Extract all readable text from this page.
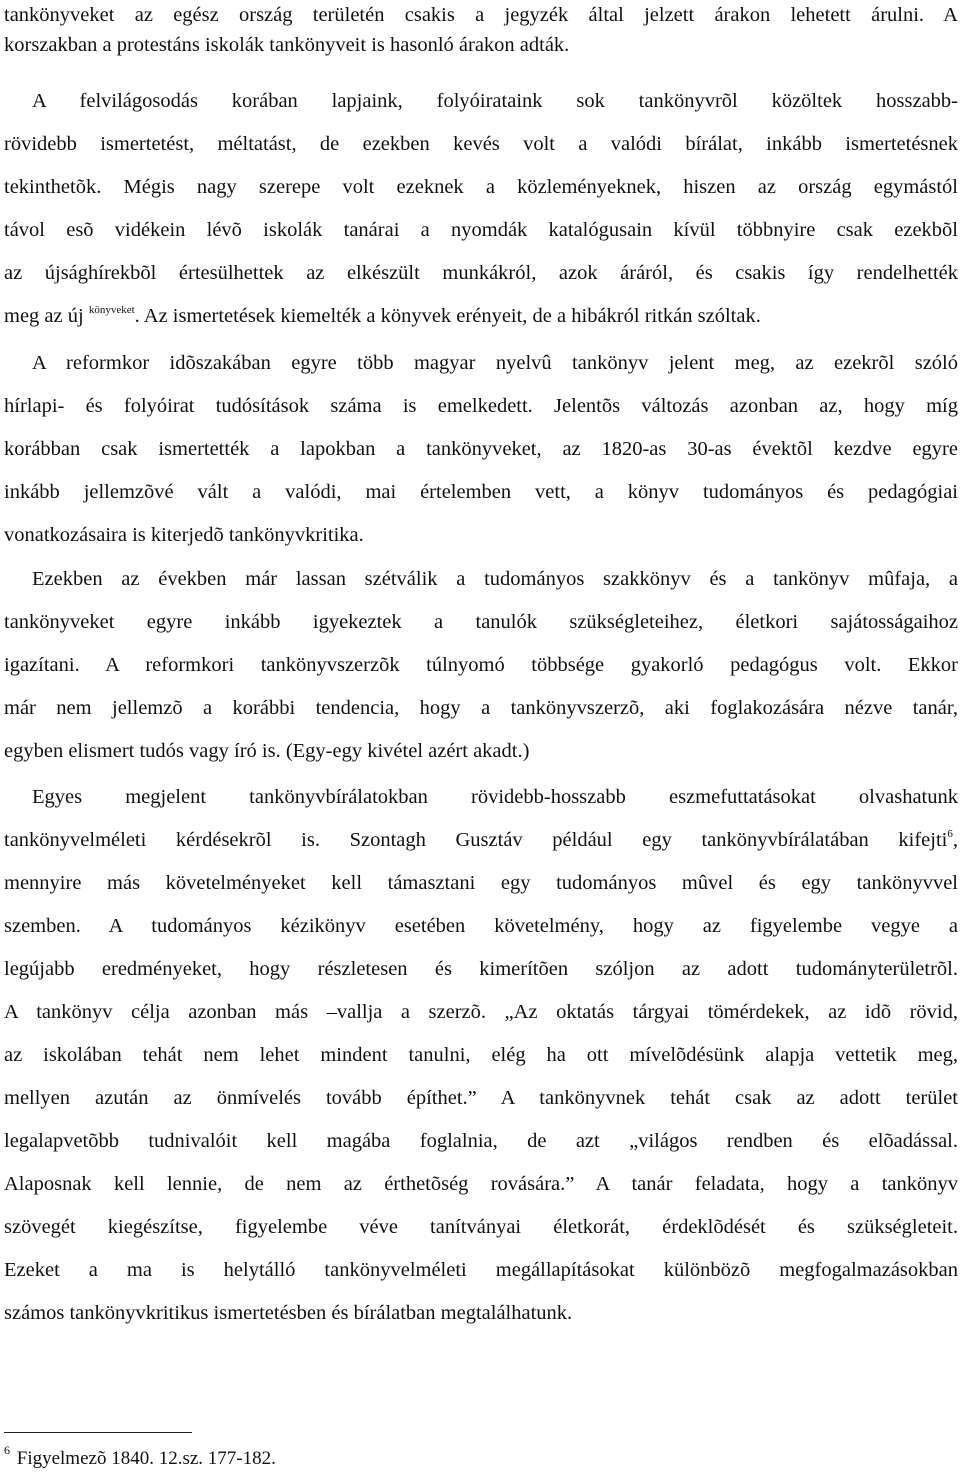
tankönyveket az egész ország területén csakis a jegyzék által jelzett árakon lehetett árulni. A
korszakban a protestáns iskolák tankönyveit is hasonló árakon adták.
A felvilágosodás korában lapjaink, folyóirataink sok tankönyvrõl közöltek hosszabb-
rövidebb ismertetést, méltatást, de ezekben kevés volt a valódi bírálat, inkább ismertetésnek
tekinthetõk. Mégis nagy szerepe volt ezeknek a közleményeknek, hiszen az ország egymástól
távol esõ vidékein lévõ iskolák tanárai a nyomdák katalógusain kívül többnyire csak ezekbõl
az újsághírekbõl értesülhettek az elkészült munkákról, azok áráról, és csakis így rendelhették
meg az új $^{könyveket}$. Az ismertetések kiemelték a könyvek erényeit, de a hibákról ritkán szóltak.
A reformkor idõszakában egyre több magyar nyelvû tankönyv jelent meg, az ezekrõl szóló
hírlapi- és folyóirat tudósítások száma is emelkedett. Jelentõs változás azonban az, hogy míg
korábban csak ismertették a lapokban a tankönyveket, az 1820-as 30-as évektõl kezdve egyre
inkább jellemzõvé vált a valódi, mai értelemben vett, a könyv tudományos és pedagógiai
vonatkozásaira is kiterjedõ tankönyvkritika.
Ezekben az években már lassan szétválik a tudományos szakkönyv és a tankönyv mûfaja, a
tankönyveket egyre inkább igyekeztek a tanulók szükségleteihez, életkori sajátosságaihoz
igazítani. A reformkori tankönyvszerzõk túlnyomó többsége gyakorló pedagógus volt. Ekkor
már nem jellemzõ a korábbi tendencia, hogy a tankönyvszerzõ, aki foglakozására nézve tanár,
egyben elismert tudós vagy író is. (Egy-egy kivétel azért akadt.)
Egyes megjelent tankönyvbírálatokban rövidebb-hosszabb eszmefuttatásokat olvashatunk
tankönyvelméleti kérdésekrõl is. Szontagh Gusztáv például egy tankönyvbírálatában kifejti$^6$,
mennyire más követelményeket kell támasztani egy tudományos mûvel és egy tankönyvvel
szemben. A tudományos kézikönyv esetében követelmény, hogy az figyelembe vegye a
legújabb eredményeket, hogy részletesen és kimerítõen szóljon az adott tudományterületrõl.
A tankönyv célja azonban más –vallja a szerzõ. „Az oktatás tárgyai tömérdekek, az idõ rövid,
az iskolában tehát nem lehet mindent tanulni, elég ha ott mívelõdésünk alapja vettetik meg,
mellyen azután az önmívelés tovább építhet.” A tankönyvnek tehát csak az adott terület
legalapvetõbb tudnivalóit kell magába foglalnia, de azt „világos rendben és elõadással.
Alaposnak kell lennie, de nem az érthetõség rovására.” A tanár feladata, hogy a tankönyv
szövegét kiegészítse, figyelembe véve tanítványai életkorát, érdeklõdését és szükségleteit.
Ezeket a ma is helytálló tankönyvelméleti megállapításokat különbözõ megfogalmazásokban
számos tankönyvkritikus ismertetésben és bírálatban megtalálhatunk.
$^6$ Figyelmezõ 1840. 12.sz. 177-182.
